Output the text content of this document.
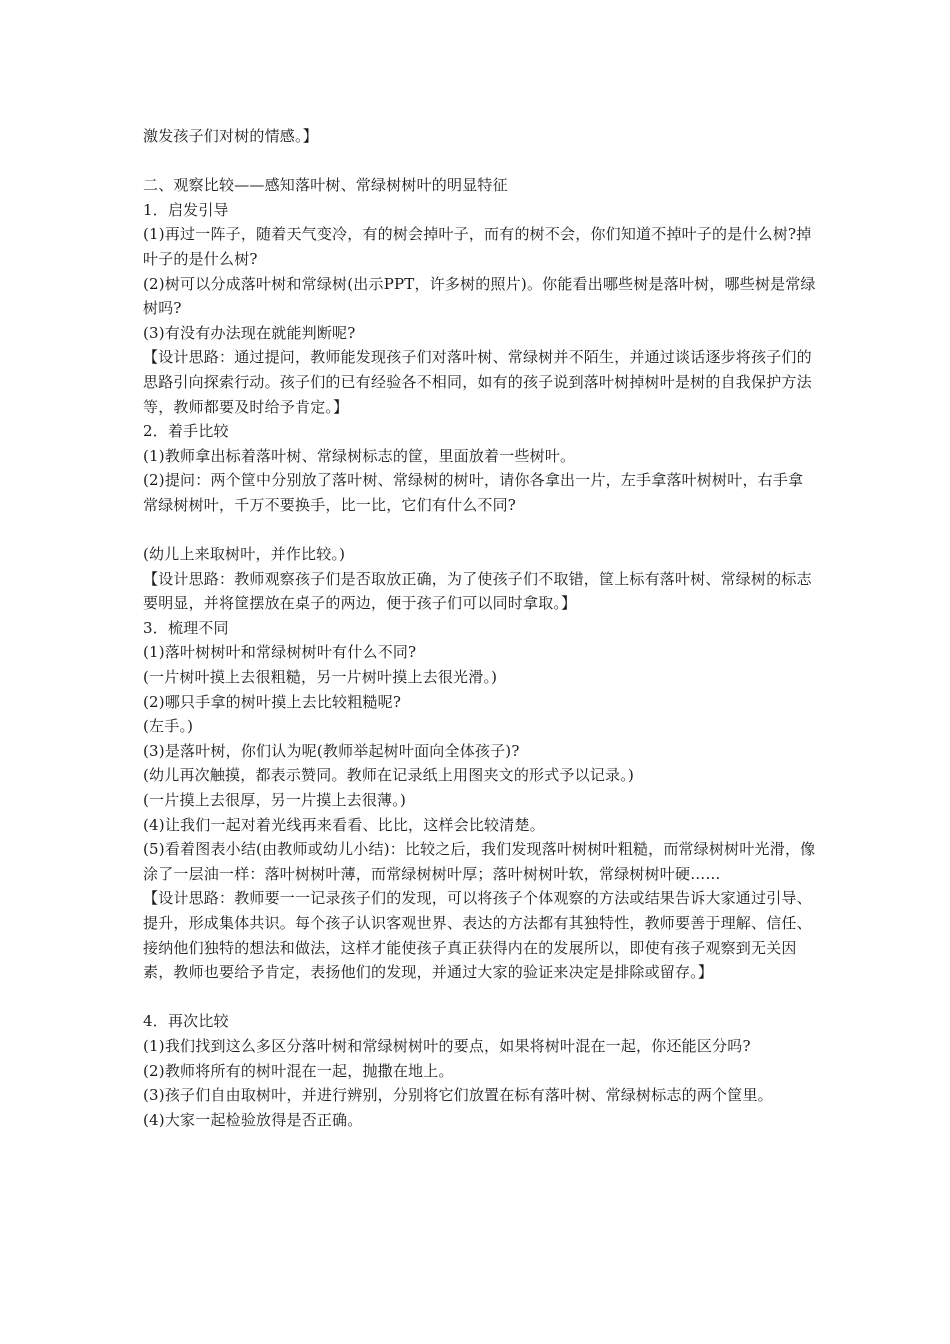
激发孩子们对树的情感。】
二、观察比较——感知落叶树、常绿树树叶的明显特征
1．启发引导
(1)再过一阵子，随着天气变冷，有的树会掉叶子，而有的树不会，你们知道不掉叶子的是什么树?掉叶子的是什么树?
(2)树可以分成落叶树和常绿树(出示PPT，许多树的照片)。你能看出哪些树是落叶树，哪些树是常绿树吗?
(3)有没有办法现在就能判断呢?
【设计思路：通过提问，教师能发现孩子们对落叶树、常绿树并不陌生，并通过谈话逐步将孩子们的思路引向探索行动。孩子们的已有经验各不相同，如有的孩子说到落叶树掉树叶是树的自我保护方法等，教师都要及时给予肯定。】
2．着手比较
(1)教师拿出标着落叶树、常绿树标志的筐，里面放着一些树叶。
(2)提问：两个筐中分别放了落叶树、常绿树的树叶，请你各拿出一片，左手拿落叶树树叶，右手拿常绿树树叶，千万不要换手，比一比，它们有什么不同?
(幼儿上来取树叶，并作比较。)
【设计思路：教师观察孩子们是否取放正确，为了使孩子们不取错，筐上标有落叶树、常绿树的标志要明显，并将筐摆放在桌子的两边，便于孩子们可以同时拿取。】
3．梳理不同
(1)落叶树树叶和常绿树树叶有什么不同?
(一片树叶摸上去很粗糙，另一片树叶摸上去很光滑。)
(2)哪只手拿的树叶摸上去比较粗糙呢?
(左手。)
(3)是落叶树，你们认为呢(教师举起树叶面向全体孩子)?
(幼儿再次触摸，都表示赞同。教师在记录纸上用图夹文的形式予以记录。)
(一片摸上去很厚，另一片摸上去很薄。)
(4)让我们一起对着光线再来看看、比比，这样会比较清楚。
(5)看着图表小结(由教师或幼儿小结)：比较之后，我们发现落叶树树叶粗糙，而常绿树树叶光滑，像涂了一层油一样：落叶树树叶薄，而常绿树树叶厚；落叶树树叶软，常绿树树叶硬……
【设计思路：教师要一一记录孩子们的发现，可以将孩子个体观察的方法或结果告诉大家通过引导、提升，形成集体共识。每个孩子认识客观世界、表达的方法都有其独特性，教师要善于理解、信任、接纳他们独特的想法和做法，这样才能使孩子真正获得内在的发展所以，即使有孩子观察到无关因素，教师也要给予肯定，表扬他们的发现，并通过大家的验证来决定是排除或留存。】
4．再次比较
(1)我们找到这么多区分落叶树和常绿树树叶的要点，如果将树叶混在一起，你还能区分吗?
(2)教师将所有的树叶混在一起，抛撒在地上。
(3)孩子们自由取树叶，并进行辨别，分别将它们放置在标有落叶树、常绿树标志的两个筐里。
(4)大家一起检验放得是否正确。
